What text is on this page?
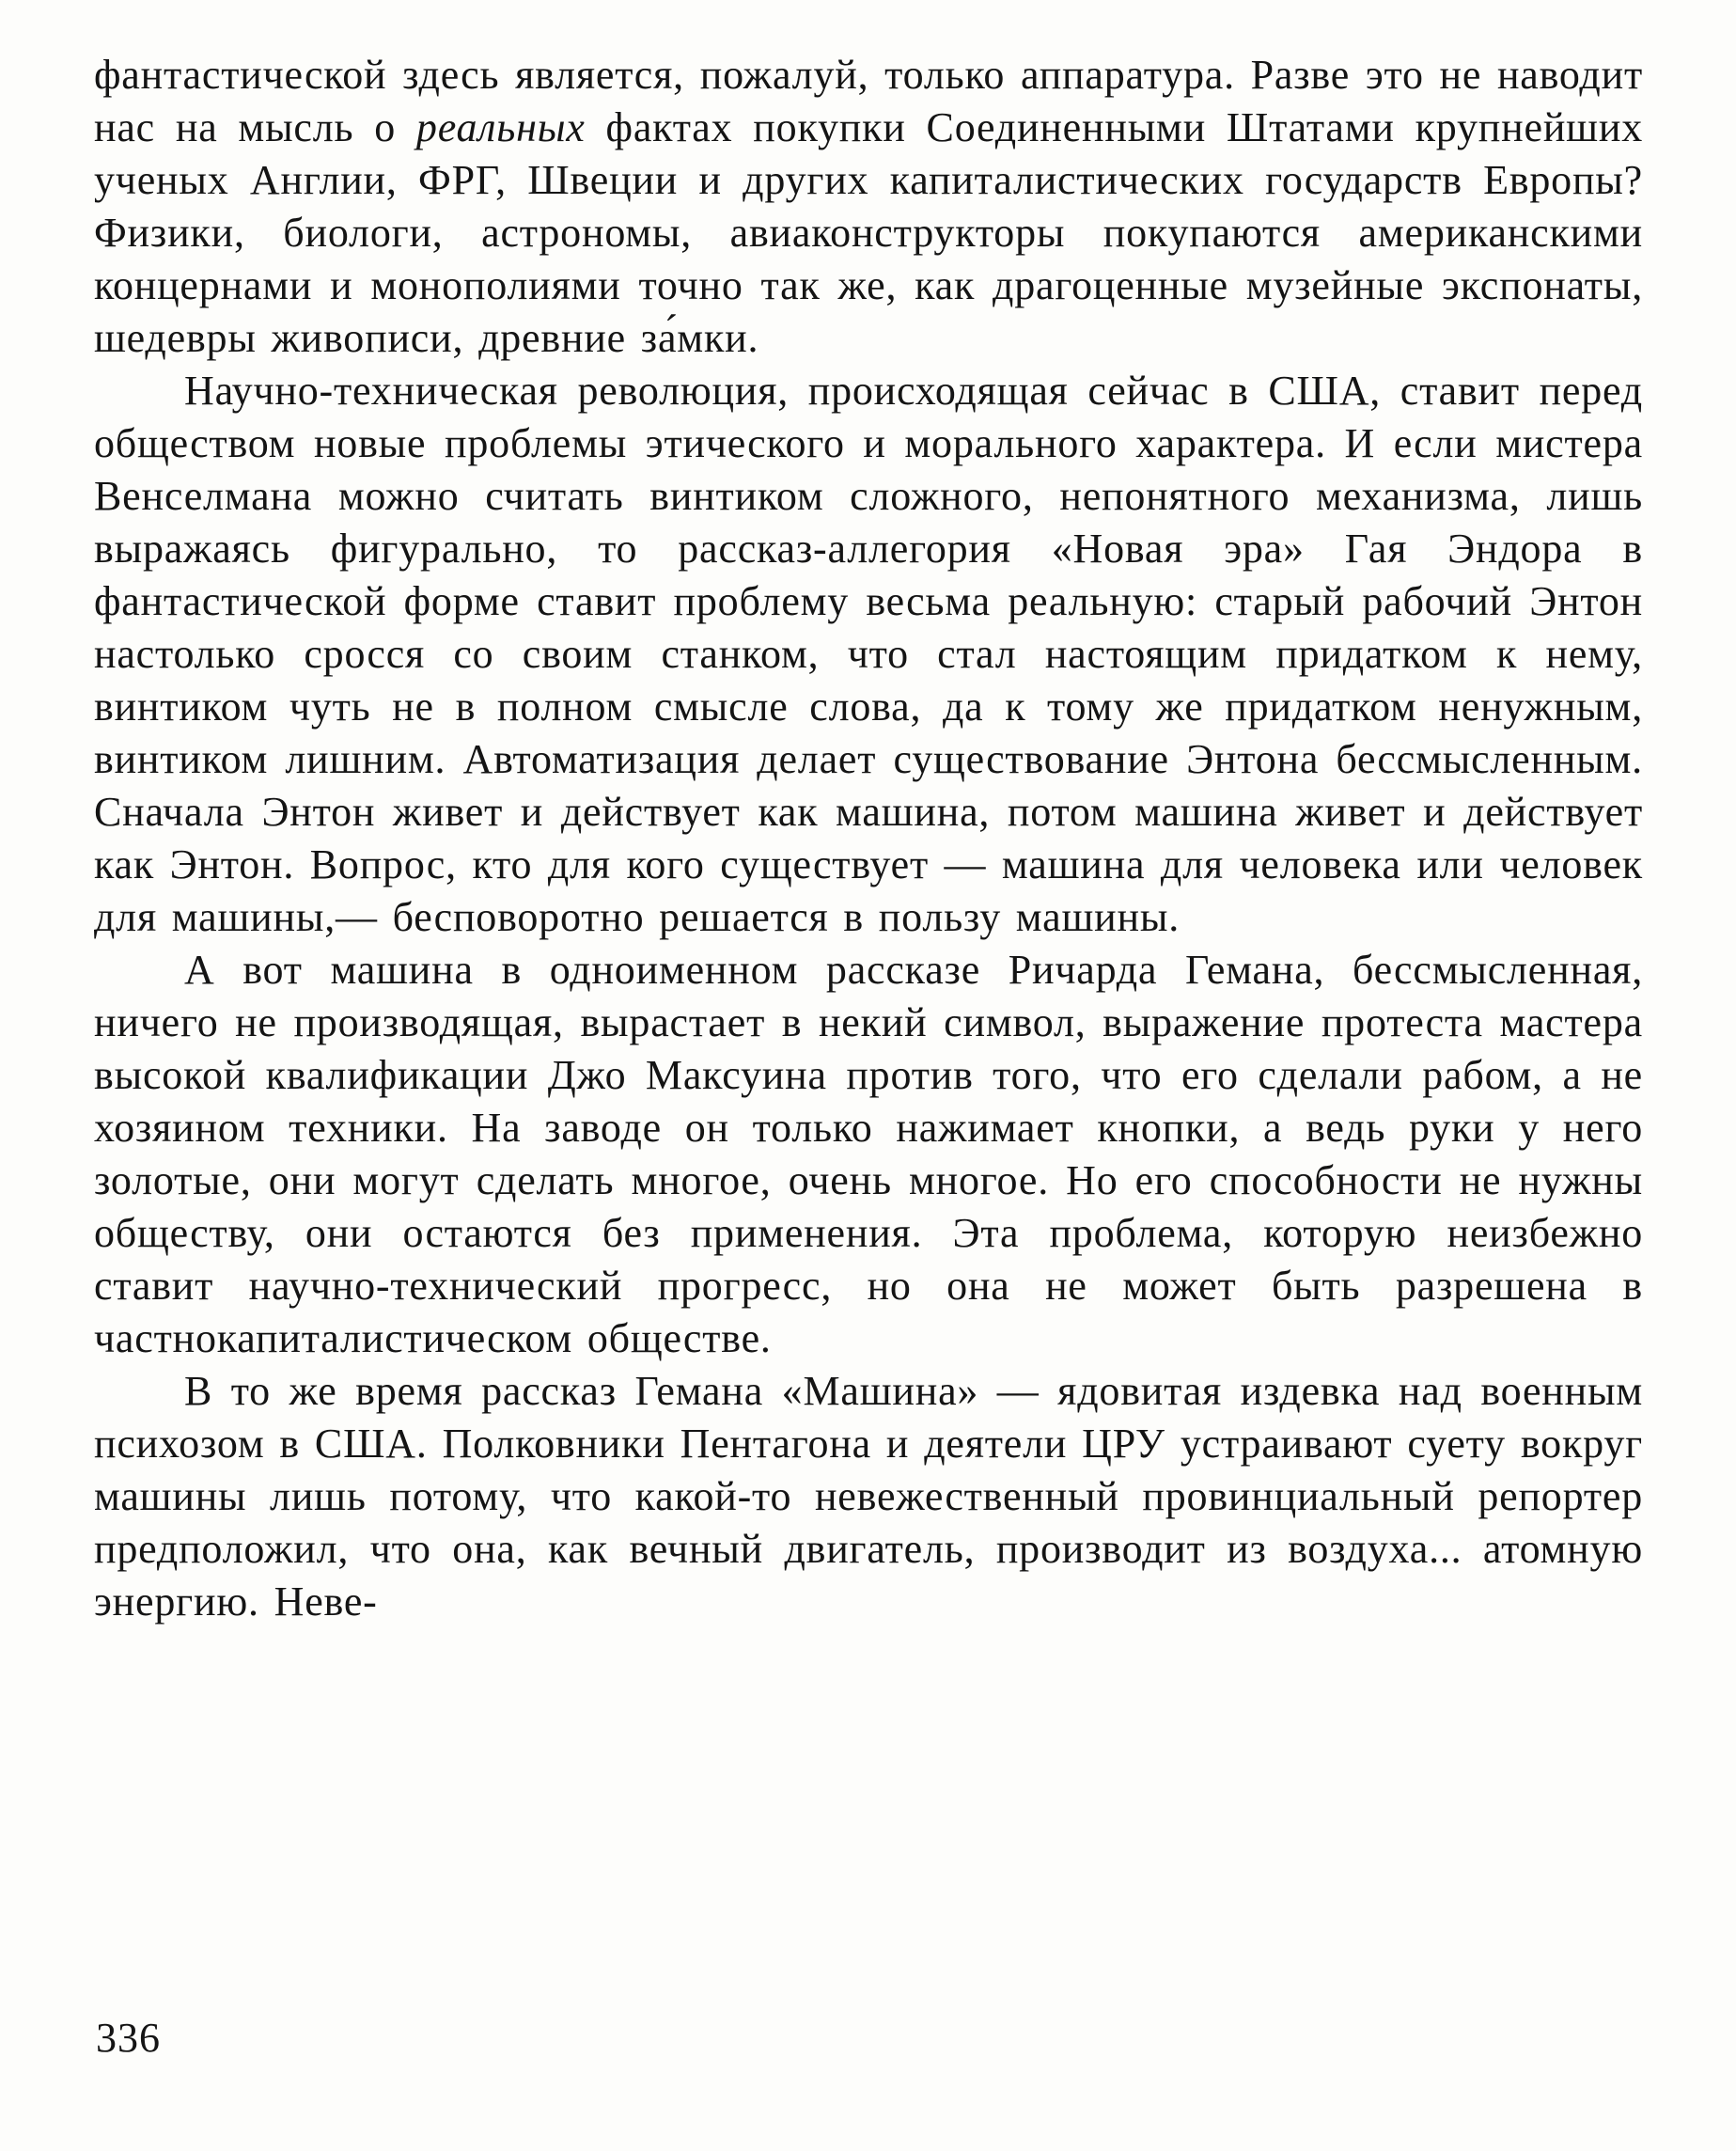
фантастической здесь является, пожалуй, только аппаратура. Разве это не наводит нас на мысль о реальных фактах покупки Соединенными Штатами крупнейших ученых Англии, ФРГ, Швеции и других капиталистических государств Европы? Физики, биологи, астрономы, авиаконструкторы покупаются американскими концернами и монополиями точно так же, как драгоценные музейные экспонаты, шедевры живописи, древние за́мки.

Научно-техническая революция, происходящая сейчас в США, ставит перед обществом новые проблемы этического и морального характера. И если мистера Венселмана можно считать винтиком сложного, непонятного механизма, лишь выражаясь фигурально, то рассказ-аллегория «Новая эра» Гая Эндора в фантастической форме ставит проблему весьма реальную: старый рабочий Энтон настолько сросся со своим станком, что стал настоящим придатком к нему, винтиком чуть не в полном смысле слова, да к тому же придатком ненужным, винтиком лишним. Автоматизация делает существование Энтона бессмысленным. Сначала Энтон живет и действует как машина, потом машина живет и действует как Энтон. Вопрос, кто для кого существует — машина для человека или человек для машины,— бесповоротно решается в пользу машины.

А вот машина в одноименном рассказе Ричарда Гемана, бессмысленная, ничего не производящая, вырастает в некий символ, выражение протеста мастера высокой квалификации Джо Максуина против того, что его сделали рабом, а не хозяином техники. На заводе он только нажимает кнопки, а ведь руки у него золотые, они могут сделать многое, очень многое. Но его способности не нужны обществу, они остаются без применения. Эта проблема, которую неизбежно ставит научно-технический прогресс, но она не может быть разрешена в частнокапиталистическом обществе.

В то же время рассказ Гемана «Машина» — ядовитая издевка над военным психозом в США. Полковники Пентагона и деятели ЦРУ устраивают суету вокруг машины лишь потому, что какой-то невежественный провинциальный репортер предположил, что она, как вечный двигатель, производит из воздуха... атомную энергию. Неве-

336
